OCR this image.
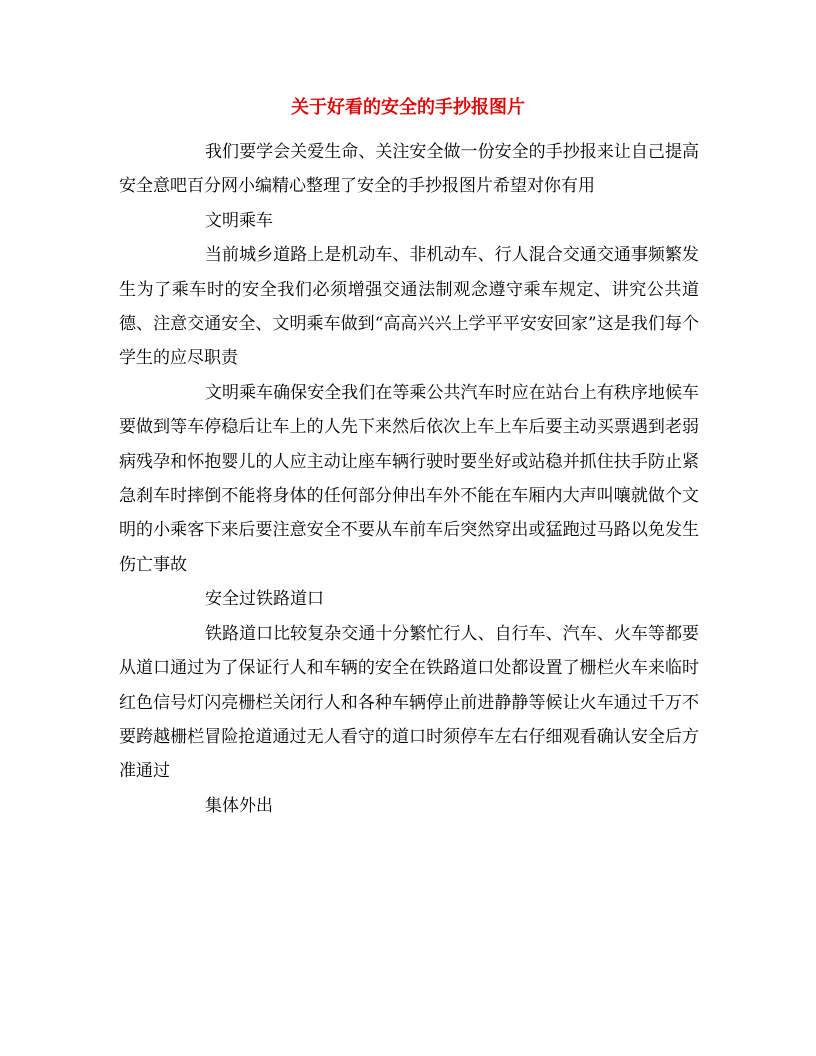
关于好看的安全的手抄报图片

我们要学会关爱生命、关注安全做一份安全的手抄报来让自己提高安全意吧百分网小编精心整理了安全的手抄报图片希望对你有用

文明乘车

当前城乡道路上是机动车、非机动车、行人混合交通交通事频繁发生为了乘车时的安全我们必须增强交通法制观念遵守乘车规定、讲究公共道德、注意交通安全、文明乘车做到“高高兴兴上学平平安安回家”这是我们每个学生的应尽职责

文明乘车确保安全我们在等乘公共汽车时应在站台上有秩序地候车要做到等车停稳后让车上的人先下来然后依次上车上车后要主动买票遇到老弱病残孕和怀抱婴儿的人应主动让座车辆行驶时要坐好或站稳并抓住扶手防止紧急刹车时摔倒不能将身体的任何部分伸出车外不能在车厢内大声叫嚷就做个文明的小乘客下来后要注意安全不要从车前车后突然穿出或猛跑过马路以免发生伤亡事故

安全过铁路道口

铁路道口比较复杂交通十分繁忙行人、自行车、汽车、火车等都要从道口通过为了保证行人和车辆的安全在铁路道口处都设置了栅栏火车来临时红色信号灯闪亮栅栏关闭行人和各种车辆停止前进静静等候让火车通过千万不要跨越栅栏冒险抢道通过无人看守的道口时须停车左右仔细观看确认安全后方准通过

集体外出
